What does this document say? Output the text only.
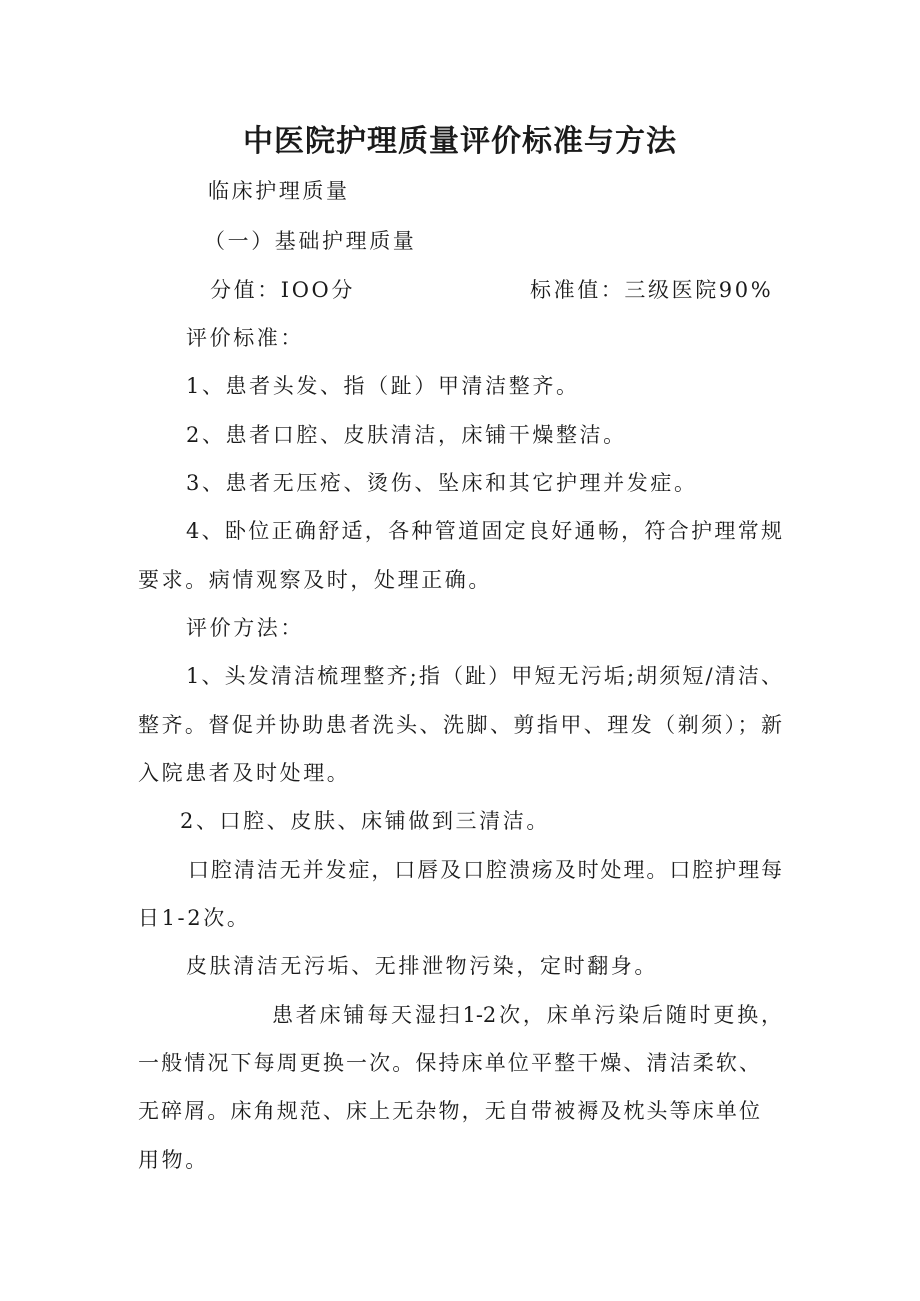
中医院护理质量评价标准与方法
临床护理质量
（一）基础护理质量
分值：IOO分	标准值：三级医院90%
评价标准：
1、患者头发、指（趾）甲清洁整齐。
2、患者口腔、皮肤清洁，床铺干燥整洁。
3、患者无压疮、烫伤、坠床和其它护理并发症。
4、卧位正确舒适，各种管道固定良好通畅，符合护理常规
要求。病情观察及时，处理正确。
评价方法：
1、头发清洁梳理整齐;指（趾）甲短无污垢;胡须短/清洁、
整齐。督促并协助患者洗头、洗脚、剪指甲、理发（剃须）；新
入院患者及时处理。
2、口腔、皮肤、床铺做到三清洁。
口腔清洁无并发症，口唇及口腔溃疡及时处理。口腔护理每
日1-2次。
皮肤清洁无污垢、无排泄物污染，定时翻身。
患者床铺每天湿扫1-2次，床单污染后随时更换，
一般情况下每周更换一次。保持床单位平整干燥、清洁柔软、
无碎屑。床角规范、床上无杂物，无自带被褥及枕头等床单位
用物。
